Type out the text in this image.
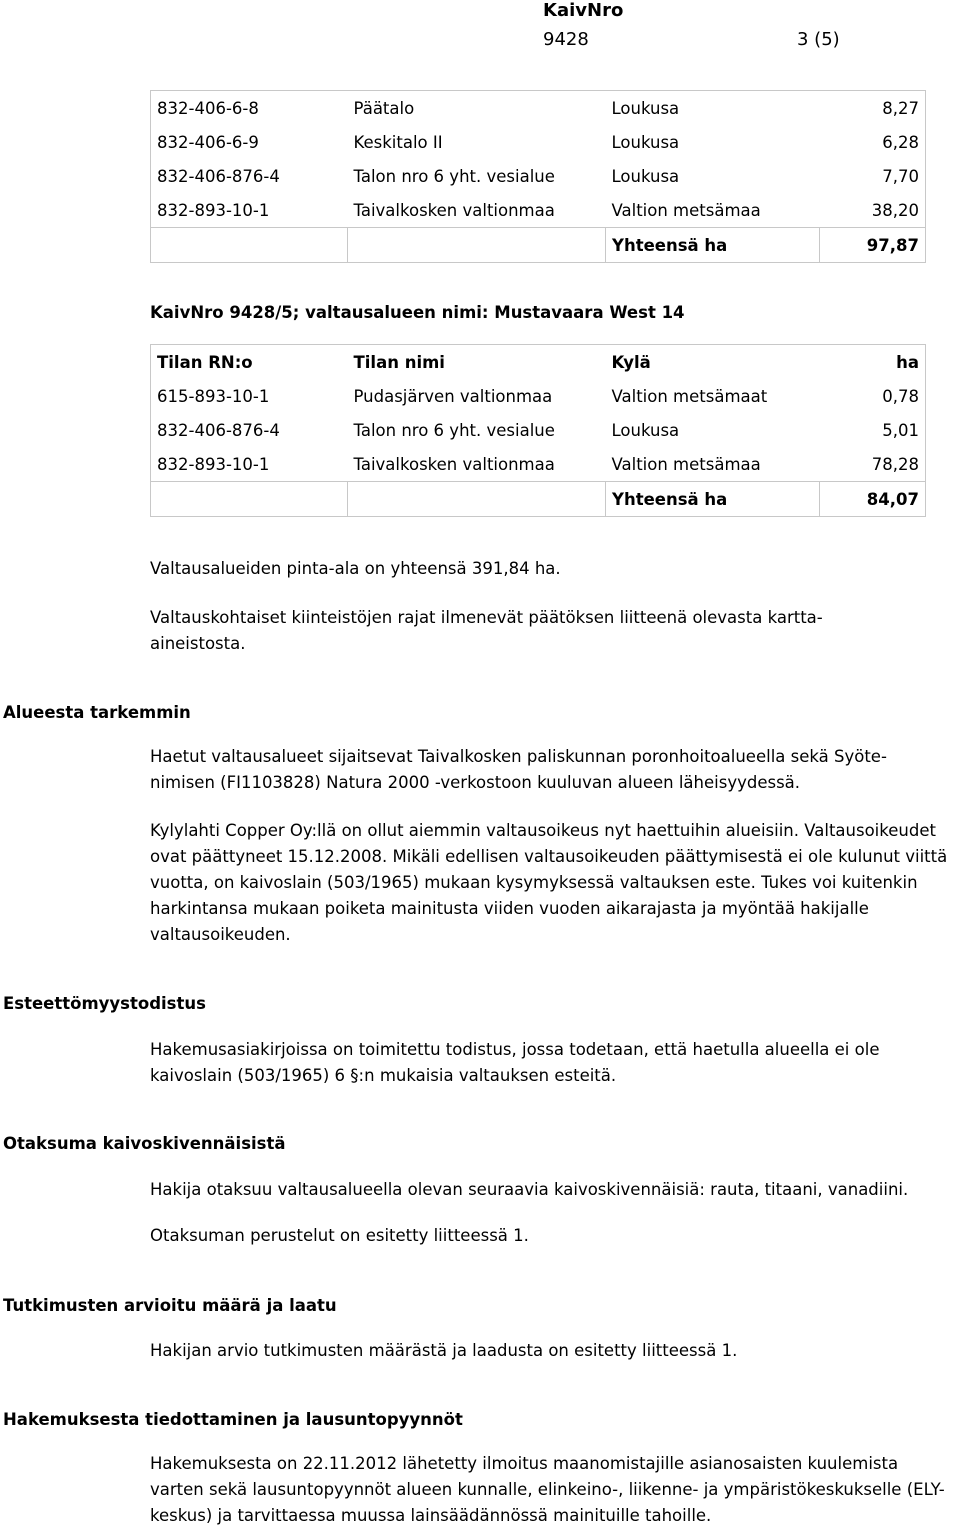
KaivNro
9428	3 (5)
832-406-6-8	Päätalo	Loukusa	8,27
832-406-6-9	Keskitalo II	Loukusa	6,28
832-406-876-4	Talon nro 6 yht. vesialue	Loukusa	7,70
832-893-10-1	Taivalkosken valtionmaa	Valtion metsämaa	38,20
		Yhteensä ha	97,87
KaivNro 9428/5; valtausalueen nimi: Mustavaara West 14
Tilan RN:o	Tilan nimi	Kylä	ha
615-893-10-1	Pudasjärven valtionmaa	Valtion metsämaat	0,78
832-406-876-4	Talon nro 6 yht. vesialue	Loukusa	5,01
832-893-10-1	Taivalkosken valtionmaa	Valtion metsämaa	78,28
		Yhteensä ha	84,07

Valtausalueiden pinta-ala on yhteensä 391,84 ha.

Valtauskohtaiset kiinteistöjen rajat ilmenevät päätöksen liitteenä olevasta kartta-aineistosta.

Alueesta tarkemmin

Haetut valtausalueet sijaitsevat Taivalkosken paliskunnan poronhoitoalueella sekä Syöte-nimisen (FI1103828) Natura 2000 -verkostoon kuuluvan alueen läheisyydessä.

Kylylahti Copper Oy:llä on ollut aiemmin valtausoikeus nyt haettuihin alueisiin. Valtausoikeudet ovat päättyneet 15.12.2008. Mikäli edellisen valtausoikeuden päättymisestä ei ole kulunut viittä vuotta, on kaivoslain (503/1965) mukaan kysymyksessä valtauksen este. Tukes voi kuitenkin harkintansa mukaan poiketa mainitusta viiden vuoden aikarajasta ja myöntää hakijalle valtausoikeuden.

Esteettömyystodistus

Hakemusasiakirjoissa on toimitettu todistus, jossa todetaan, että haetulla alueella ei ole kaivoslain (503/1965) 6 §:n mukaisia valtauksen esteitä.

Otaksuma kaivoskivennäisistä

Hakija otaksuu valtausalueella olevan seuraavia kaivoskivennäisiä: rauta, titaani, vanadiini.

Otaksuman perustelut on esitetty liitteessä 1.

Tutkimusten arvioitu määrä ja laatu

Hakijan arvio tutkimusten määrästä ja laadusta on esitetty liitteessä 1.

Hakemuksesta tiedottaminen ja lausuntopyynnöt

Hakemuksesta on 22.11.2012 lähetetty ilmoitus maanomistajille asianosaisten kuulemista varten sekä lausuntopyynnöt alueen kunnalle, elinkeino-, liikenne- ja ympäristökeskukselle (ELY-keskus) ja tarvittaessa muussa lainsäädännössä mainituille tahoille.
